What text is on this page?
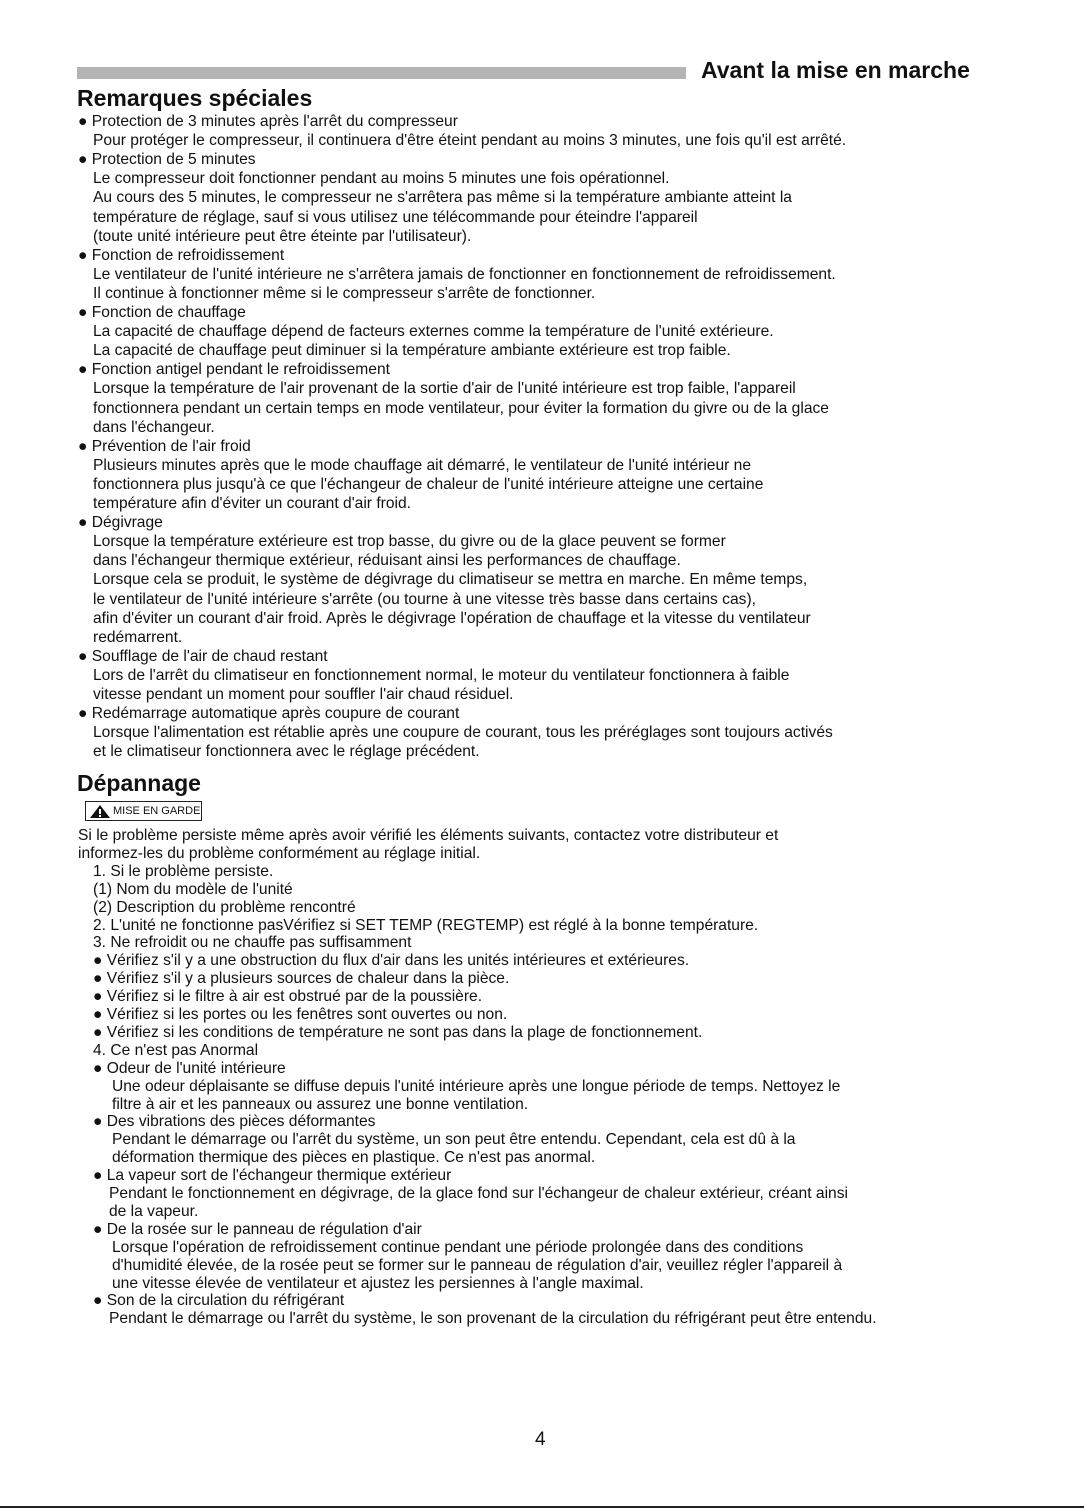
Avant la mise en marche
Remarques spéciales
● Protection de 3 minutes après l'arrêt du compresseur
Pour protéger le compresseur, il continuera d'être éteint pendant au moins 3 minutes, une fois qu'il est arrêté.
● Protection de 5 minutes
Le compresseur doit fonctionner pendant au moins 5 minutes une fois opérationnel.
Au cours des 5 minutes, le compresseur ne s'arrêtera pas même si la température ambiante atteint la
température de réglage, sauf si vous utilisez une télécommande pour éteindre l'appareil
(toute unité intérieure peut être éteinte par l'utilisateur).
● Fonction de refroidissement
Le ventilateur de l'unité intérieure ne s'arrêtera jamais de fonctionner en fonctionnement de refroidissement.
Il continue à fonctionner même si le compresseur s'arrête de fonctionner.
● Fonction de chauffage
La capacité de chauffage dépend de facteurs externes comme la température de l'unité extérieure.
La capacité de chauffage peut diminuer si la température ambiante extérieure est trop faible.
● Fonction antigel pendant le refroidissement
Lorsque la température de l'air provenant de la sortie d'air de l'unité intérieure est trop faible, l'appareil
fonctionnera pendant un certain temps en mode ventilateur, pour éviter la formation du givre ou de la glace
dans l'échangeur.
● Prévention de l'air froid
Plusieurs minutes après que le mode chauffage ait démarré, le ventilateur de l'unité intérieur ne
fonctionnera plus jusqu'à ce que l'échangeur de chaleur de l'unité intérieure atteigne une certaine
température afin d'éviter un courant d'air froid.
● Dégivrage
Lorsque la température extérieure est trop basse, du givre ou de la glace peuvent se former
dans l'échangeur thermique extérieur, réduisant ainsi les performances de chauffage.
Lorsque cela se produit, le système de dégivrage du climatiseur se mettra en marche. En même temps,
le ventilateur de l'unité intérieure s'arrête (ou tourne à une vitesse très basse dans certains cas),
afin d'éviter un courant d'air froid. Après le dégivrage l'opération de chauffage et la vitesse du ventilateur
redémarrent.
● Soufflage de l'air de chaud restant
Lors de l'arrêt du climatiseur en fonctionnement normal, le moteur du ventilateur fonctionnera à faible
vitesse pendant un moment pour souffler l'air chaud résiduel.
● Redémarrage automatique après coupure de courant
Lorsque l'alimentation est rétablie après une coupure de courant, tous les préréglages sont toujours activés
et le climatiseur fonctionnera avec le réglage précédent.
Dépannage
MISE EN GARDE
Si le problème persiste même après avoir vérifié les éléments suivants, contactez votre distributeur et
informez-les du problème conformément au réglage initial.
1. Si le problème persiste.
(1) Nom du modèle de l'unité
(2) Description du problème rencontré
2. L'unité ne fonctionne pasVérifiez si SET TEMP (REGTEMP) est réglé à la bonne température.
3. Ne refroidit ou ne chauffe pas suffisamment
● Vérifiez s'il y a une obstruction du flux d'air dans les unités intérieures et extérieures.
● Vérifiez s'il y a plusieurs sources de chaleur dans la pièce.
● Vérifiez si le filtre à air est obstrué par de la poussière.
● Vérifiez si les portes ou les fenêtres sont ouvertes ou non.
● Vérifiez si les conditions de température ne sont pas dans la plage de fonctionnement.
4. Ce n'est pas Anormal
● Odeur de l'unité intérieure
Une odeur déplaisante se diffuse depuis l'unité intérieure après une longue période de temps. Nettoyez le
filtre à air et les panneaux ou assurez une bonne ventilation.
● Des vibrations des pièces déformantes
Pendant le démarrage ou l'arrêt du système, un son peut être entendu. Cependant, cela est dû à la
déformation thermique des pièces en plastique. Ce n'est pas anormal.
● La vapeur sort de l'échangeur thermique extérieur
Pendant le fonctionnement en dégivrage, de la glace fond sur l'échangeur de chaleur extérieur, créant ainsi
de la vapeur.
● De la rosée sur le panneau de régulation d'air
Lorsque l'opération de refroidissement continue pendant une période prolongée dans des conditions
d'humidité élevée, de la rosée peut se former sur le panneau de régulation d'air, veuillez régler l'appareil à
une vitesse élevée de ventilateur et ajustez les persiennes à l'angle maximal.
● Son de la circulation du réfrigérant
Pendant le démarrage ou l'arrêt du système, le son provenant de la circulation du réfrigérant peut être entendu.
4
